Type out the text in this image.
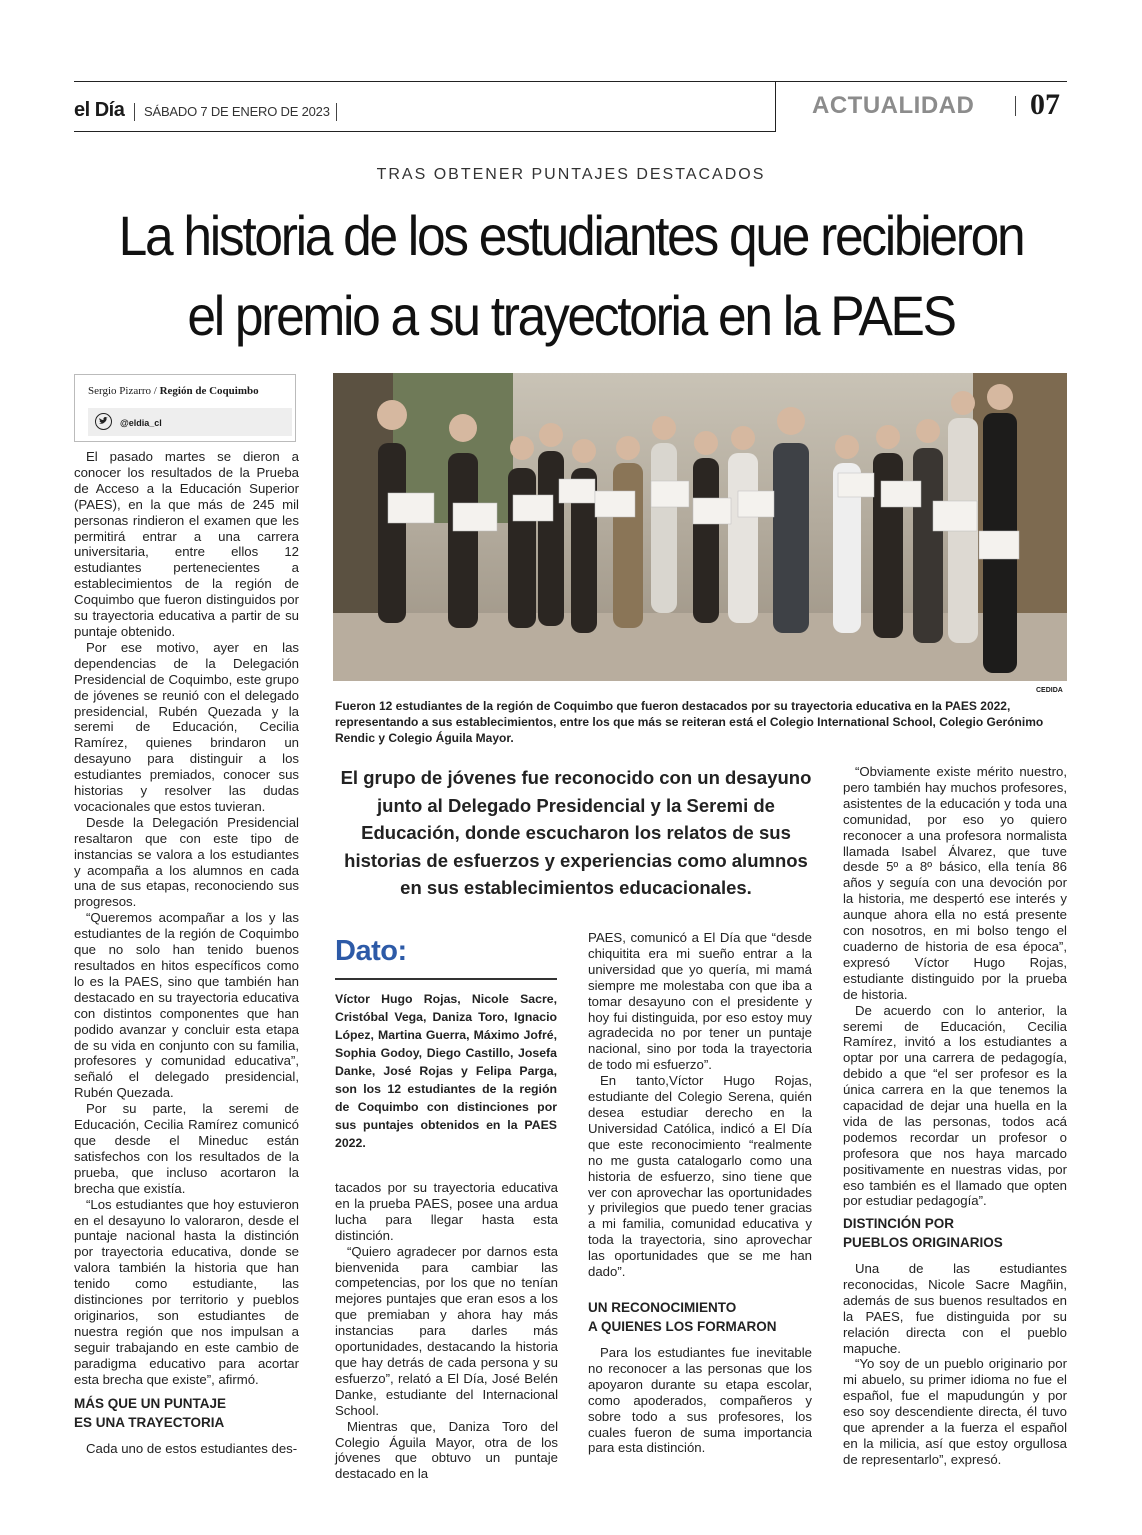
el Día SÁBADO 7 DE ENERO DE 2023	ACTUALIDAD 07
TRAS OBTENER PUNTAJES DESTACADOS
La historia de los estudiantes que recibieron
el premio a su trayectoria en la PAES
Sergio Pizarro / Región de Coquimbo
@eldia_cl

El pasado martes se dieron a conocer los resultados de la Prueba de Acceso a la Educación Superior (PAES), en la que más de 245 mil personas rindieron el examen que les permitirá entrar a una carrera universitaria, entre ellos 12 estudiantes pertenecientes a establecimientos de la región de Coquimbo que fueron distinguidos por su trayectoria educativa a partir de su puntaje obtenido.

Por ese motivo, ayer en las dependencias de la Delegación Presidencial de Coquimbo, este grupo de jóvenes se reunió con el delegado presidencial, Rubén Quezada y la seremi de Educación, Cecilia Ramírez, quienes brindaron un desayuno para distinguir a los estudiantes premiados, conocer sus historias y resolver las dudas vocacionales que estos tuvieran.

Desde la Delegación Presidencial resaltaron que con este tipo de instancias se valora a los estudiantes y acompaña a los alumnos en cada una de sus etapas, reconociendo sus progresos.

“Queremos acompañar a los y las estudiantes de la región de Coquimbo que no solo han tenido buenos resultados en hitos específicos como lo es la PAES, sino que también han destacado en su trayectoria educativa con distintos componentes que han podido avanzar y concluir esta etapa de su vida en conjunto con su familia, profesores y comunidad educativa”, señaló el delegado presidencial, Rubén Quezada.

Por su parte, la seremi de Educación, Cecilia Ramírez comunicó que desde el Mineduc están satisfechos con los resultados de la prueba, que incluso acortaron la brecha que existía.

“Los estudiantes que hoy estuvieron en el desayuno lo valoraron, desde el puntaje nacional hasta la distinción por trayectoria educativa, donde se valora también la historia que han tenido como estudiante, las distinciones por territorio y pueblos originarios, son estudiantes de nuestra región que nos impulsan a seguir trabajando en este cambio de paradigma educativo para acortar esta brecha que existe”, afirmó.

MÁS QUE UN PUNTAJE
ES UNA TRAYECTORIA

Cada uno de estos estudiantes des-

CEDIDA
Fueron 12 estudiantes de la región de Coquimbo que fueron destacados por su trayectoria educativa en la PAES 2022, representando a sus establecimientos, entre los que más se reiteran está el Colegio International School, Colegio Gerónimo Rendic y Colegio Águila Mayor.
El grupo de jóvenes fue reconocido con un desayuno junto al Delegado Presidencial y la Seremi de Educación, donde escucharon los relatos de sus historias de esfuerzos y experiencias como alumnos en sus establecimientos educacionales.
Dato:
Víctor Hugo Rojas, Nicole Sacre, Cristóbal Vega, Daniza Toro, Ignacio López, Martina Guerra, Máximo Jofré, Sophia Godoy, Diego Castillo, Josefa Danke, José Rojas y Felipa Parga, son los 12 estudiantes de la región de Coquimbo con distinciones por sus puntajes obtenidos en la PAES 2022.

tacados por su trayectoria educativa en la prueba PAES, posee una ardua lucha para llegar hasta esta distinción.

“Quiero agradecer por darnos esta bienvenida para cambiar las competencias, por los que no tenían mejores puntajes que eran esos a los que premiaban y ahora hay más instancias para darles más oportunidades, destacando la historia que hay detrás de cada persona y su esfuerzo”, relató a El Día, José Belén Danke, estudiante del Internacional School.

Mientras que, Daniza Toro del Colegio Águila Mayor, otra de los jóvenes que obtuvo un puntaje destacado en la

PAES, comunicó a El Día que “desde chiquitita era mi sueño entrar a la universidad que yo quería, mi mamá siempre me molestaba con que iba a tomar desayuno con el presidente y hoy fui distinguida, por eso estoy muy agradecida no por tener un puntaje nacional, sino por toda la trayectoria de todo mi esfuerzo”.

En tanto,Víctor Hugo Rojas, estudiante del Colegio Serena, quién desea estudiar derecho en la Universidad Católica, indicó a El Día que este reconocimiento “realmente no me gusta catalogarlo como una historia de esfuerzo, sino tiene que ver con aprovechar las oportunidades y privilegios que puedo tener gracias a mi familia, comunidad educativa y toda la trayectoria, sino aprovechar las oportunidades que se me han dado”.

UN RECONOCIMIENTO
A QUIENES LOS FORMARON

Para los estudiantes fue inevitable no reconocer a las personas que los apoyaron durante su etapa escolar, como apoderados, compañeros y sobre todo a sus profesores, los cuales fueron de suma importancia para esta distinción.

“Obviamente existe mérito nuestro, pero también hay muchos profesores, asistentes de la educación y toda una comunidad, por eso yo quiero reconocer a una profesora normalista llamada Isabel Álvarez, que tuve desde 5º a 8º básico, ella tenía 86 años y seguía con una devoción por la historia, me despertó ese interés y aunque ahora ella no está presente con nosotros, en mi bolso tengo el cuaderno de historia de esa época”, expresó Víctor Hugo Rojas, estudiante distinguido por la prueba de historia.

De acuerdo con lo anterior, la seremi de Educación, Cecilia Ramírez, invitó a los estudiantes a optar por una carrera de pedagogía, debido a que “el ser profesor es la única carrera en la que tenemos la capacidad de dejar una huella en la vida de las personas, todos acá podemos recordar un profesor o profesora que nos haya marcado positivamente en nuestras vidas, por eso también es el llamado que opten por estudiar pedagogía”.

DISTINCIÓN POR
PUEBLOS ORIGINARIOS

Una de las estudiantes reconocidas, Nicole Sacre Magñin, además de sus buenos resultados en la PAES, fue distinguida por su relación directa con el pueblo mapuche.

“Yo soy de un pueblo originario por mi abuelo, su primer idioma no fue el español, fue el mapudungún y por eso soy descendiente directa, él tuvo que aprender a la fuerza el español en la milicia, así que estoy orgullosa de representarlo”, expresó.
